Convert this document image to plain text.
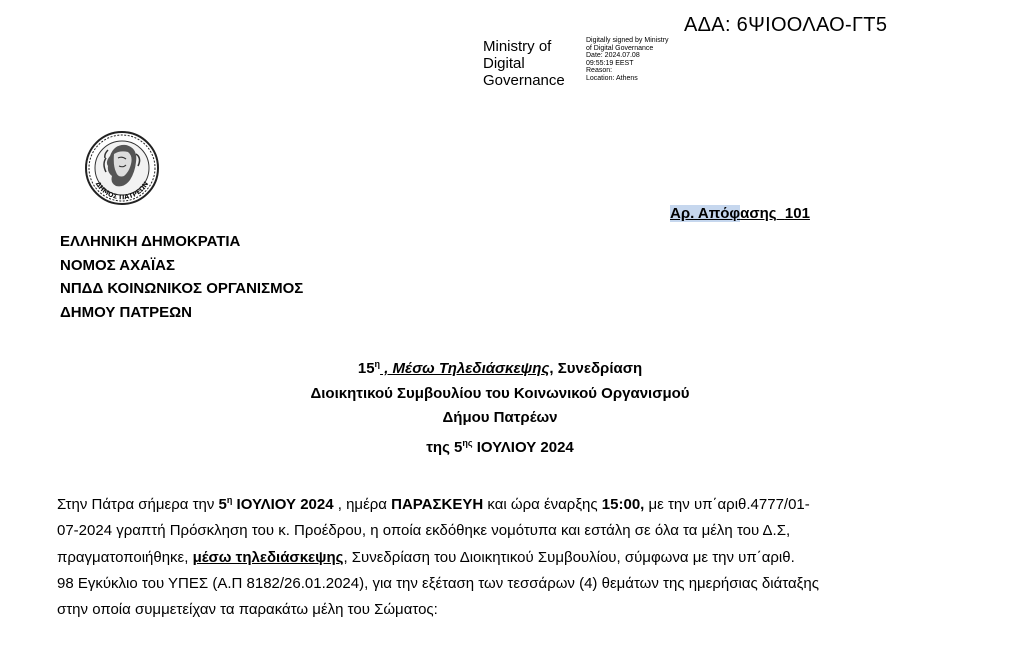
ΑΔΑ: 6ΨΙΟΟΛΑΟ-ΓΤ5
Ministry of
Digital
Governance
Digitally signed by Ministry
of Digital Governance
Date: 2024.07.08
09:55:19 EEST
Reason:
Location: Athens
ΔΗΜΟΣ ΠΑΤΡΕΩΝ
Αρ. Απόφασης 101
ΕΛΛΗΝΙΚΗ ΔΗΜΟΚΡΑΤΙΑ
ΝΟΜΟΣ ΑΧΑΪΑΣ
ΝΠΔΔ ΚΟΙΝΩΝΙΚΟΣ ΟΡΓΑΝΙΣΜΟΣ
ΔΗΜΟΥ ΠΑΤΡΕΩΝ
$15^\eta$ , Μέσω Τηλεδιάσκεψης, Συνεδρίαση
Διοικητικού Συμβουλίου του Κοινωνικού Οργανισμού
Δήμου Πατρέων
της $5^{\eta\varsigma}$ ΙΟΥΛΙΟΥ 2024
Στην Πάτρα σήμερα την $5^\eta$ ΙΟΥΛΙΟΥ 2024 , ημέρα ΠΑΡΑΣΚΕΥΗ και ώρα έναρξης 15:00, με την υπ΄αριθ.4777/01-
07-2024 γραπτή Πρόσκληση του κ. Προέδρου, η οποία εκδόθηκε νομότυπα και εστάλη σε όλα τα μέλη του Δ.Σ,
πραγματοποιήθηκε, μέσω τηλεδιάσκεψης, Συνεδρίαση του Διοικητικού Συμβουλίου, σύμφωνα με την υπ΄αριθ.
98 Εγκύκλιο του ΥΠΕΣ (Α.Π 8182/26.01.2024), για την εξέταση των τεσσάρων (4) θεμάτων της ημερήσιας διάταξης
στην οποία συμμετείχαν τα παρακάτω μέλη του Σώματος:
